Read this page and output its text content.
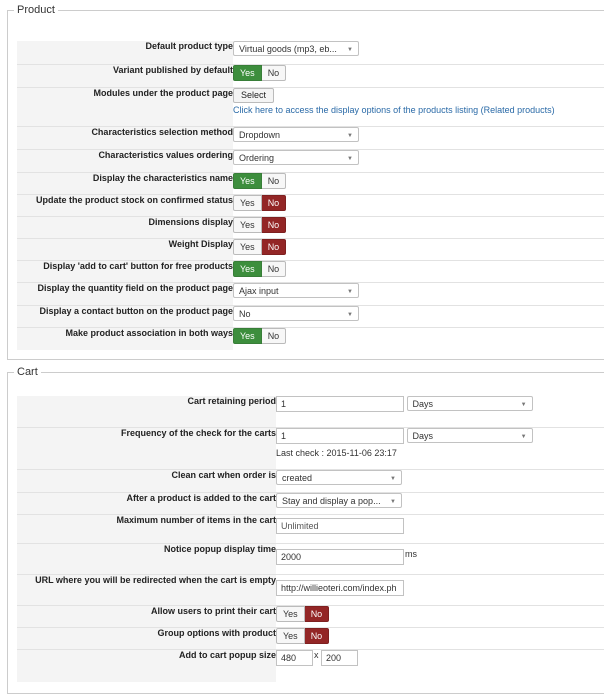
Product
Default product type	Virtual goods (mp3, eb... ▼

Variant published by default	Yes No

Modules under the product page	Select
Click here to access the display options of the products listing (Related products)

Characteristics selection method	Dropdown ▼

Characteristics values ordering	Ordering ▼

Display the characteristics name	Yes No

Update the product stock on confirmed status	Yes No

Dimensions display	Yes No

Weight Display	Yes No

Display 'add to cart' button for free products	Yes No

Display the quantity field on the product page	Ajax input ▼

Display a contact button on the product page	No ▼

Make product association in both ways	Yes No
Cart
Cart retaining period	1 Days ▼

Frequency of the check for the carts	1 Days ▼
Last check : 2015-11-06 23:17

Clean cart when order is	created ▼

After a product is added to the cart	Stay and display a pop... ▼

Maximum number of items in the cart	Unlimited
Notice popup display time	2000 ms
URL where you will be redirected when the cart is empty	http://willieoteri.com/index.ph
Allow users to print their cart	Yes No

Group options with product	Yes No

Add to cart popup size	480 x 200
